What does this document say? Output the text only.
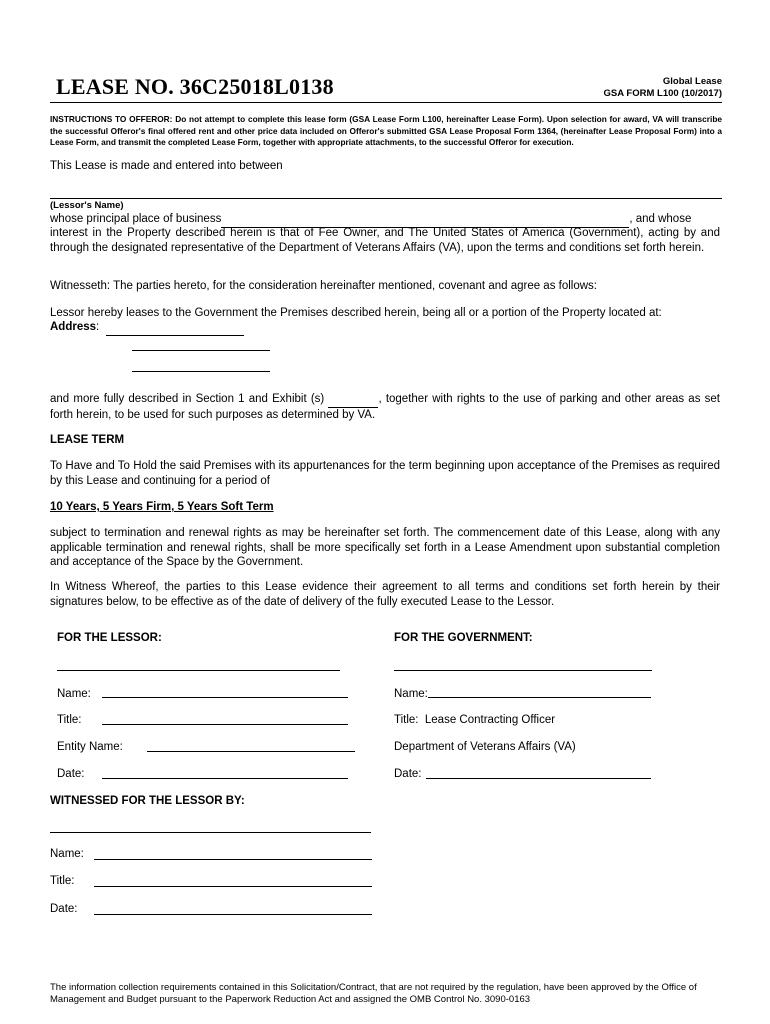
LEASE NO. 36C25018L0138	Global Lease
GSA FORM L100 (10/2017)
INSTRUCTIONS TO OFFEROR: Do not attempt to complete this lease form (GSA Lease Form L100, hereinafter Lease Form). Upon selection for award, VA will transcribe the successful Offeror's final offered rent and other price data included on Offeror's submitted GSA Lease Proposal Form 1364, (hereinafter Lease Proposal Form) into a Lease Form, and transmit the completed Lease Form, together with appropriate attachments, to the successful Offeror for execution.
This Lease is made and entered into between
(Lessor's Name)
whose principal place of business	, and whose
interest in the Property described herein is that of Fee Owner, and The United States of America (Government), acting by and through the designated representative of the Department of Veterans Affairs (VA), upon the terms and conditions set forth herein.
Witnesseth: The parties hereto, for the consideration hereinafter mentioned, covenant and agree as follows:
Lessor hereby leases to the Government the Premises described herein, being all or a portion of the Property located at:
Address:
and more fully described in Section 1 and Exhibit (s)	, together with rights to the use of parking and other areas as set forth herein, to be used for such purposes as determined by VA.
LEASE TERM
To Have and To Hold the said Premises with its appurtenances for the term beginning upon acceptance of the Premises as required by this Lease and continuing for a period of
10 Years, 5 Years Firm, 5 Years Soft Term
subject to termination and renewal rights as may be hereinafter set forth. The commencement date of this Lease, along with any applicable termination and renewal rights, shall be more specifically set forth in a Lease Amendment upon substantial completion and acceptance of the Space by the Government.
In Witness Whereof, the parties to this Lease evidence their agreement to all terms and conditions set forth herein by their signatures below, to be effective as of the date of delivery of the fully executed Lease to the Lessor.
FOR THE LESSOR:
Name:
Title:
Entity Name:
Date:
FOR THE GOVERNMENT:
Name:
Title: Lease Contracting Officer
Department of Veterans Affairs (VA)
Date:
WITNESSED FOR THE LESSOR BY:
Name:
Title:
Date:
The information collection requirements contained in this Solicitation/Contract, that are not required by the regulation, have been approved by the Office of Management and Budget pursuant to the Paperwork Reduction Act and assigned the OMB Control No. 3090-0163
